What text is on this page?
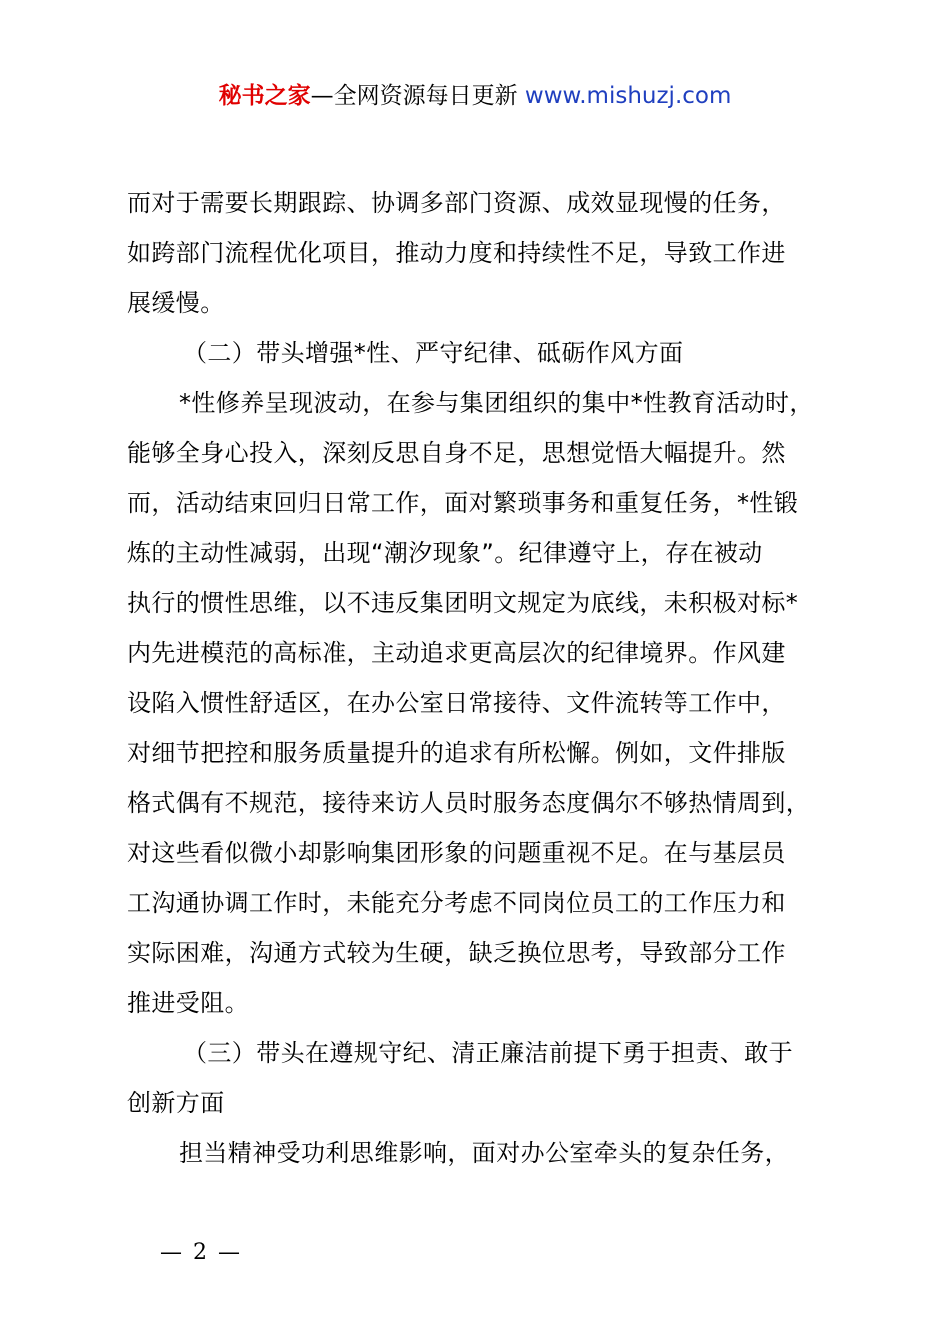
秘书之家—全网资源每日更新 www.mishuzj.com
而对于需要长期跟踪、协调多部门资源、成效显现慢的任务，
如跨部门流程优化项目，推动力度和持续性不足，导致工作进
展缓慢。
（二）带头增强*性、严守纪律、砥砺作风方面
*性修养呈现波动，在参与集团组织的集中*性教育活动时，
能够全身心投入，深刻反思自身不足，思想觉悟大幅提升。然
而，活动结束回归日常工作，面对繁琐事务和重复任务，*性锻
炼的主动性减弱，出现“潮汐现象”。纪律遵守上，存在被动
执行的惯性思维，以不违反集团明文规定为底线，未积极对标*
内先进模范的高标准，主动追求更高层次的纪律境界。作风建
设陷入惯性舒适区，在办公室日常接待、文件流转等工作中，
对细节把控和服务质量提升的追求有所松懈。例如，文件排版
格式偶有不规范，接待来访人员时服务态度偶尔不够热情周到，
对这些看似微小却影响集团形象的问题重视不足。在与基层员
工沟通协调工作时，未能充分考虑不同岗位员工的工作压力和
实际困难，沟通方式较为生硬，缺乏换位思考，导致部分工作
推进受阻。
（三）带头在遵规守纪、清正廉洁前提下勇于担责、敢于
创新方面
担当精神受功利思维影响，面对办公室牵头的复杂任务，
— 2 —
